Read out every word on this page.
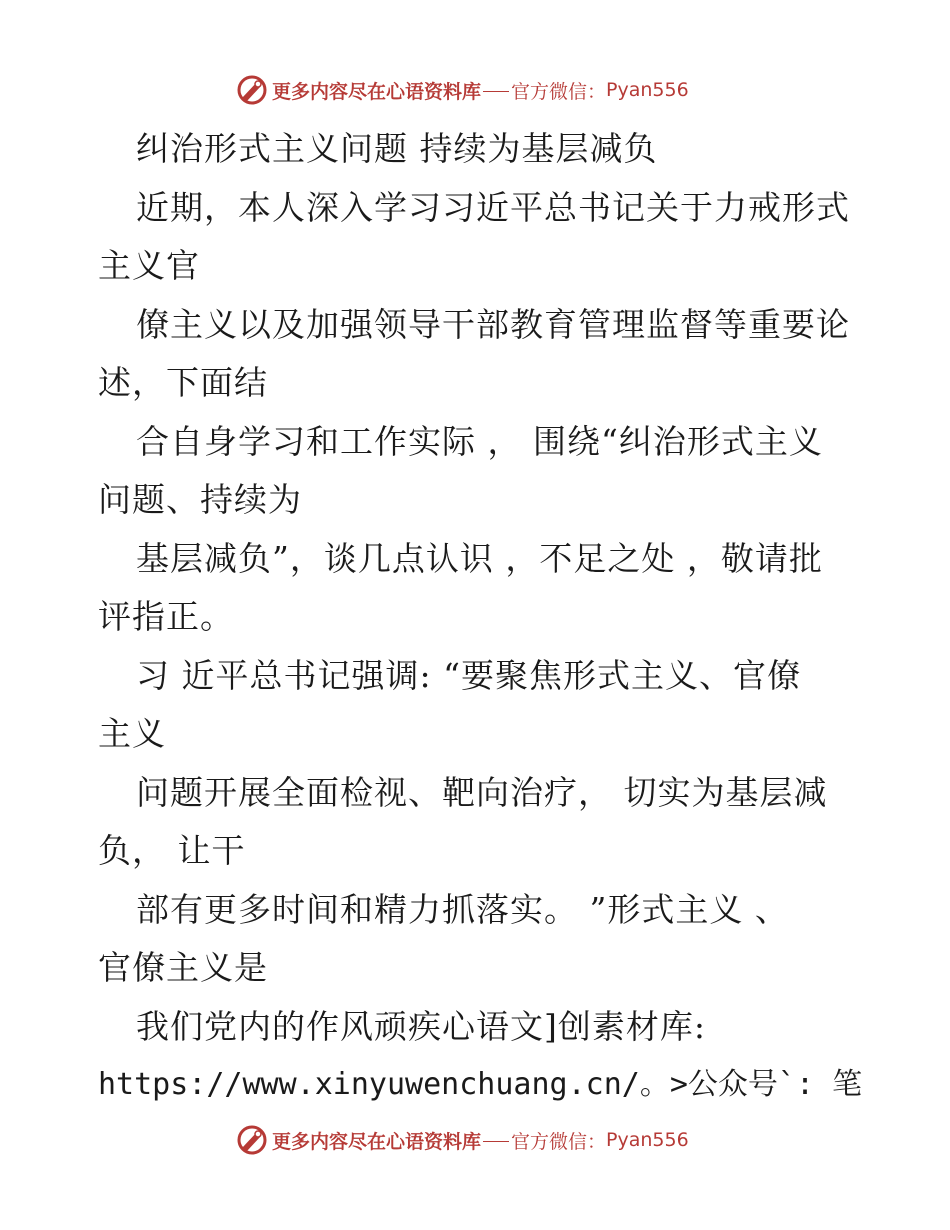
更多内容尽在心语资料库 官方微信： Pyan556
纠治形式主义问题 持续为基层减负
近期，本人深入学习习近平总书记关于力戒形式
主义官
僚主义以及加强领导干部教育管理监督等重要论
述，下面结
合自身学习和工作实际 ， 围绕“纠治形式主义
问题、持续为
基层减负”，谈几点认识 ，不足之处 ，敬请批
评指正。
习 近平总书记强调: “要聚焦形式主义、官僚
主义
问题开展全面检视、靶向治疗， 切实为基层减
负， 让干
部有更多时间和精力抓落实。 ”形式主义 、
官僚主义是
我们党内的作风顽疾心语文]创素材库:
https://www.xinyuwenchuang.cn/。>公众号`: 笔
更多内容尽在心语资料库 官方微信： Pyan556
